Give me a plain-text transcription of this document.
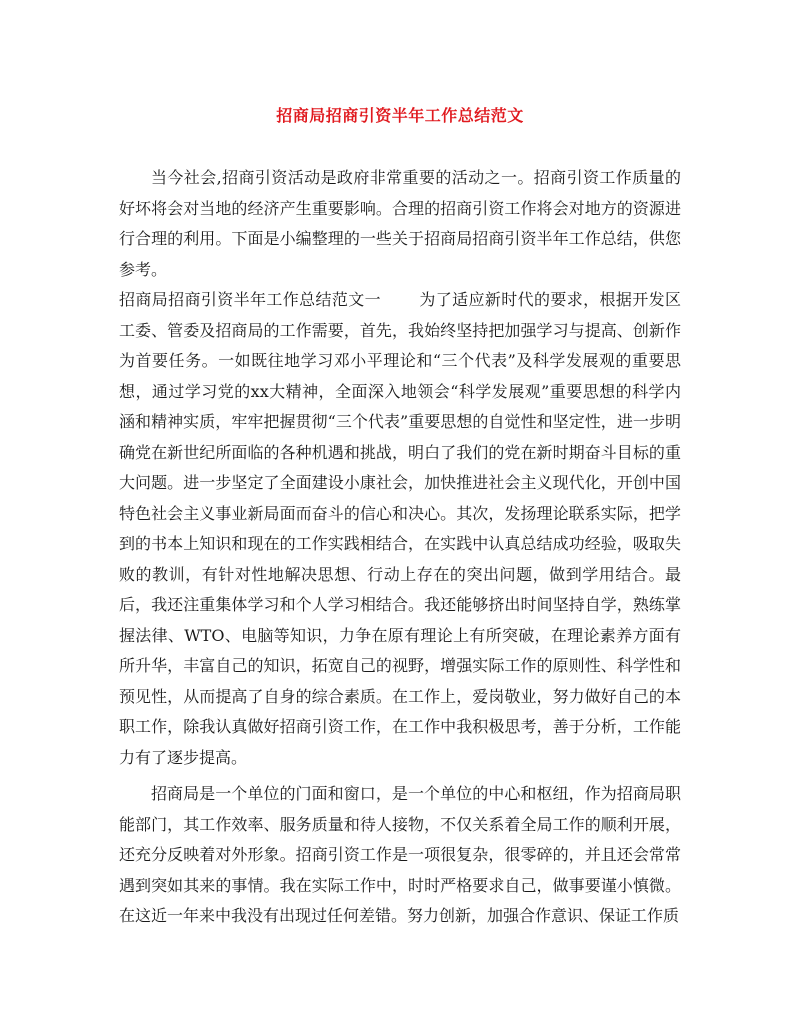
招商局招商引资半年工作总结范文

当今社会,招商引资活动是政府非常重要的活动之一。招商引资工作质量的好坏将会对当地的经济产生重要影响。合理的招商引资工作将会对地方的资源进行合理的利用。下面是小编整理的一些关于招商局招商引资半年工作总结，供您参考。

招商局招商引资半年工作总结范文一 为了适应新时代的要求，根据开发区工委、管委及招商局的工作需要，首先，我始终坚持把加强学习与提高、创新作为首要任务。一如既往地学习邓小平理论和“三个代表”及科学发展观的重要思想，通过学习党的xx大精神，全面深入地领会“科学发展观”重要思想的科学内涵和精神实质，牢牢把握贯彻“三个代表”重要思想的自觉性和坚定性，进一步明确党在新世纪所面临的各种机遇和挑战，明白了我们的党在新时期奋斗目标的重大问题。进一步坚定了全面建设小康社会，加快推进社会主义现代化，开创中国特色社会主义事业新局面而奋斗的信心和决心。其次，发扬理论联系实际，把学到的书本上知识和现在的工作实践相结合，在实践中认真总结成功经验，吸取失败的教训，有针对性地解决思想、行动上存在的突出问题，做到学用结合。最后，我还注重集体学习和个人学习相结合。我还能够挤出时间坚持自学，熟练掌握法律、WTO、电脑等知识，力争在原有理论上有所突破，在理论素养方面有所升华，丰富自己的知识，拓宽自己的视野，增强实际工作的原则性、科学性和预见性，从而提高了自身的综合素质。在工作上，爱岗敬业，努力做好自己的本职工作，除我认真做好招商引资工作，在工作中我积极思考，善于分析，工作能力有了逐步提高。

招商局是一个单位的门面和窗口，是一个单位的中心和枢纽，作为招商局职能部门，其工作效率、服务质量和待人接物，不仅关系着全局工作的顺利开展，还充分反映着对外形象。招商引资工作是一项很复杂，很零碎的，并且还会常常遇到突如其来的事情。我在实际工作中，时时严格要求自己，做事要谨小慎微。在这近一年来中我没有出现过任何差错。努力创新，加强合作意识、保证工作质
